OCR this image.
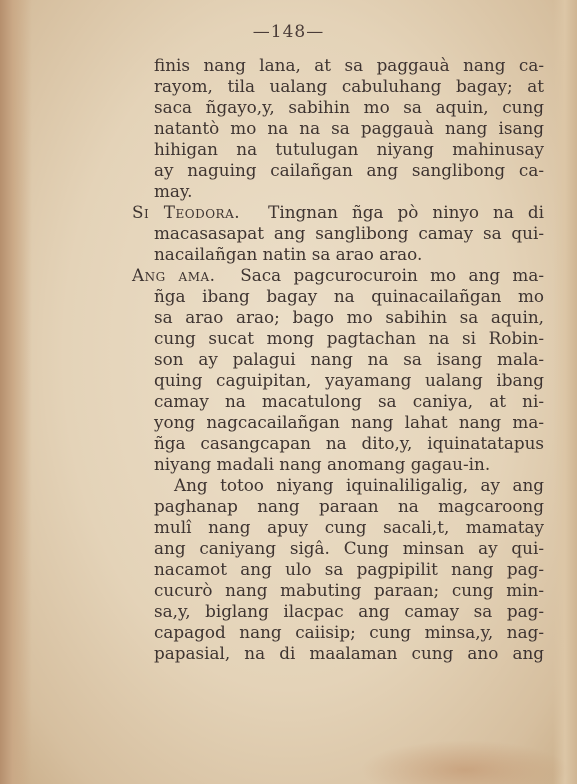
—148—
finis nang lana, at sa paggauà nang ca-
rayom, tila ualang cabuluhang bagay; at
saca ñgayo,y, sabihin mo sa aquin, cung
natantò mo na na sa paggauà nang isang
hihigan na tutulugan niyang mahinusay
ay naguing cailañgan ang sanglibong ca-
may.
Si Teodora. Tingnan ñga pò ninyo na di
macasasapat ang sanglibong camay sa qui-
nacailañgan natin sa arao arao.
Ang ama. Saca pagcurocuroin mo ang ma-
ñga ibang bagay na quinacailañgan mo
sa arao arao; bago mo sabihin sa aquin,
cung sucat mong pagtachan na si Robin-
son ay palagui nang na sa isang mala-
quing caguipitan, yayamang ualang ibang
camay na macatulong sa caniya, at ni-
yong nagcacailañgan nang lahat nang ma-
ñga casangcapan na dito,y, iquinatatapus
niyang madali nang anomang gagau-in.
Ang totoo niyang iquinaliligalig, ay ang
paghanap nang paraan na magcaroong
mulî nang apuy cung sacali,t, mamatay
ang caniyang sigâ. Cung minsan ay qui-
nacamot ang ulo sa pagpipilit nang pag-
cucurò nang mabuting paraan; cung min-
sa,y, biglang ilacpac ang camay sa pag-
capagod nang caiisip; cung minsa,y, nag-
papasial, na di maalaman cung ano ang
